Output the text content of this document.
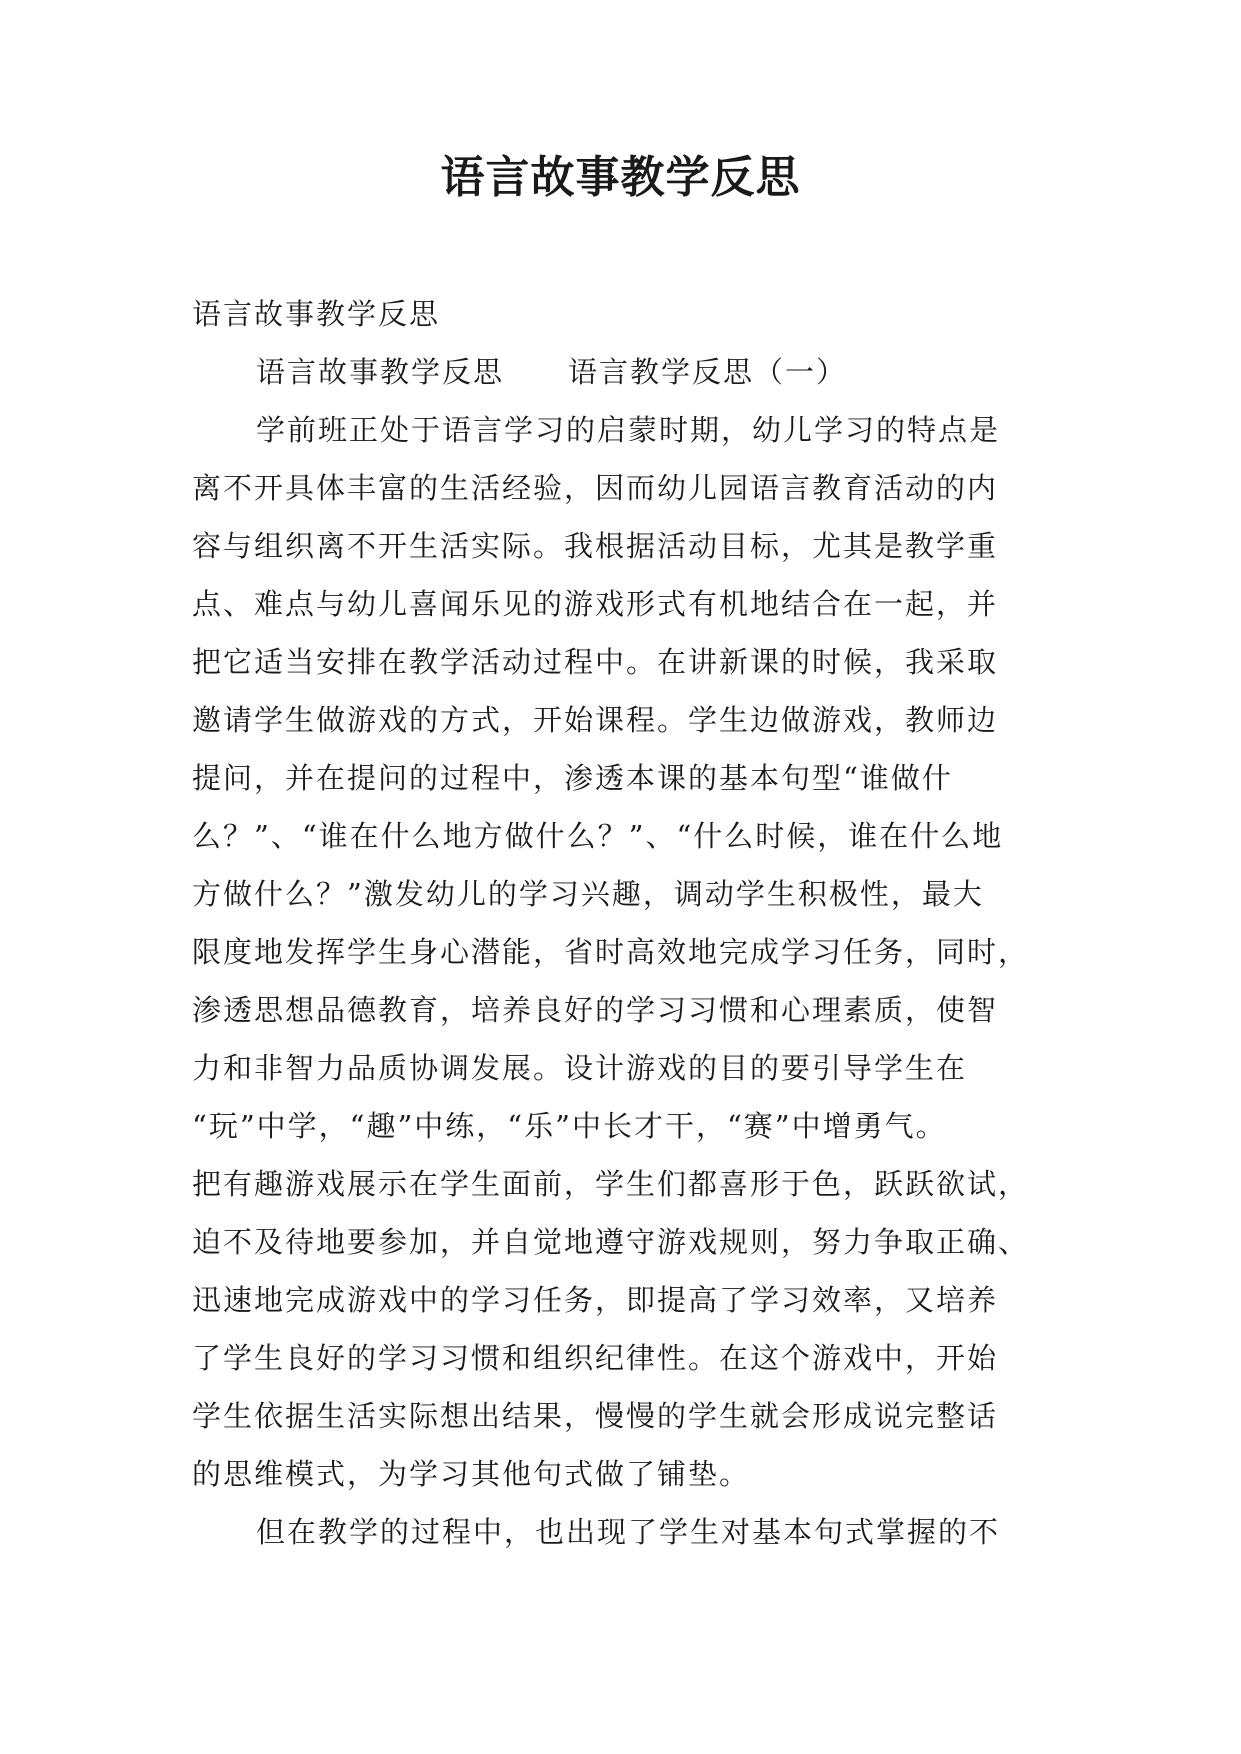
语言故事教学反思

语言故事教学反思

语言故事教学反思 语言教学反思（一）

学前班正处于语言学习的启蒙时期，幼儿学习的特点是

离不开具体丰富的生活经验，因而幼儿园语言教育活动的内

容与组织离不开生活实际。我根据活动目标，尤其是教学重

点、难点与幼儿喜闻乐见的游戏形式有机地结合在一起，并

把它适当安排在教学活动过程中。在讲新课的时候，我采取

邀请学生做游戏的方式，开始课程。学生边做游戏，教师边

提问，并在提问的过程中，渗透本课的基本句型“谁做什

么？”、“谁在什么地方做什么？”、“什么时候，谁在什么地

方做什么？”激发幼儿的学习兴趣，调动学生积极性，最大

限度地发挥学生身心潜能，省时高效地完成学习任务，同时，

渗透思想品德教育，培养良好的学习习惯和心理素质，使智

力和非智力品质协调发展。设计游戏的目的要引导学生在

“玩”中学，“趣”中练，“乐”中长才干，“赛”中增勇气。

把有趣游戏展示在学生面前，学生们都喜形于色，跃跃欲试，

迫不及待地要参加，并自觉地遵守游戏规则，努力争取正确、

迅速地完成游戏中的学习任务，即提高了学习效率，又培养

了学生良好的学习习惯和组织纪律性。在这个游戏中，开始

学生依据生活实际想出结果，慢慢的学生就会形成说完整话

的思维模式，为学习其他句式做了铺垫。

但在教学的过程中，也出现了学生对基本句式掌握的不
